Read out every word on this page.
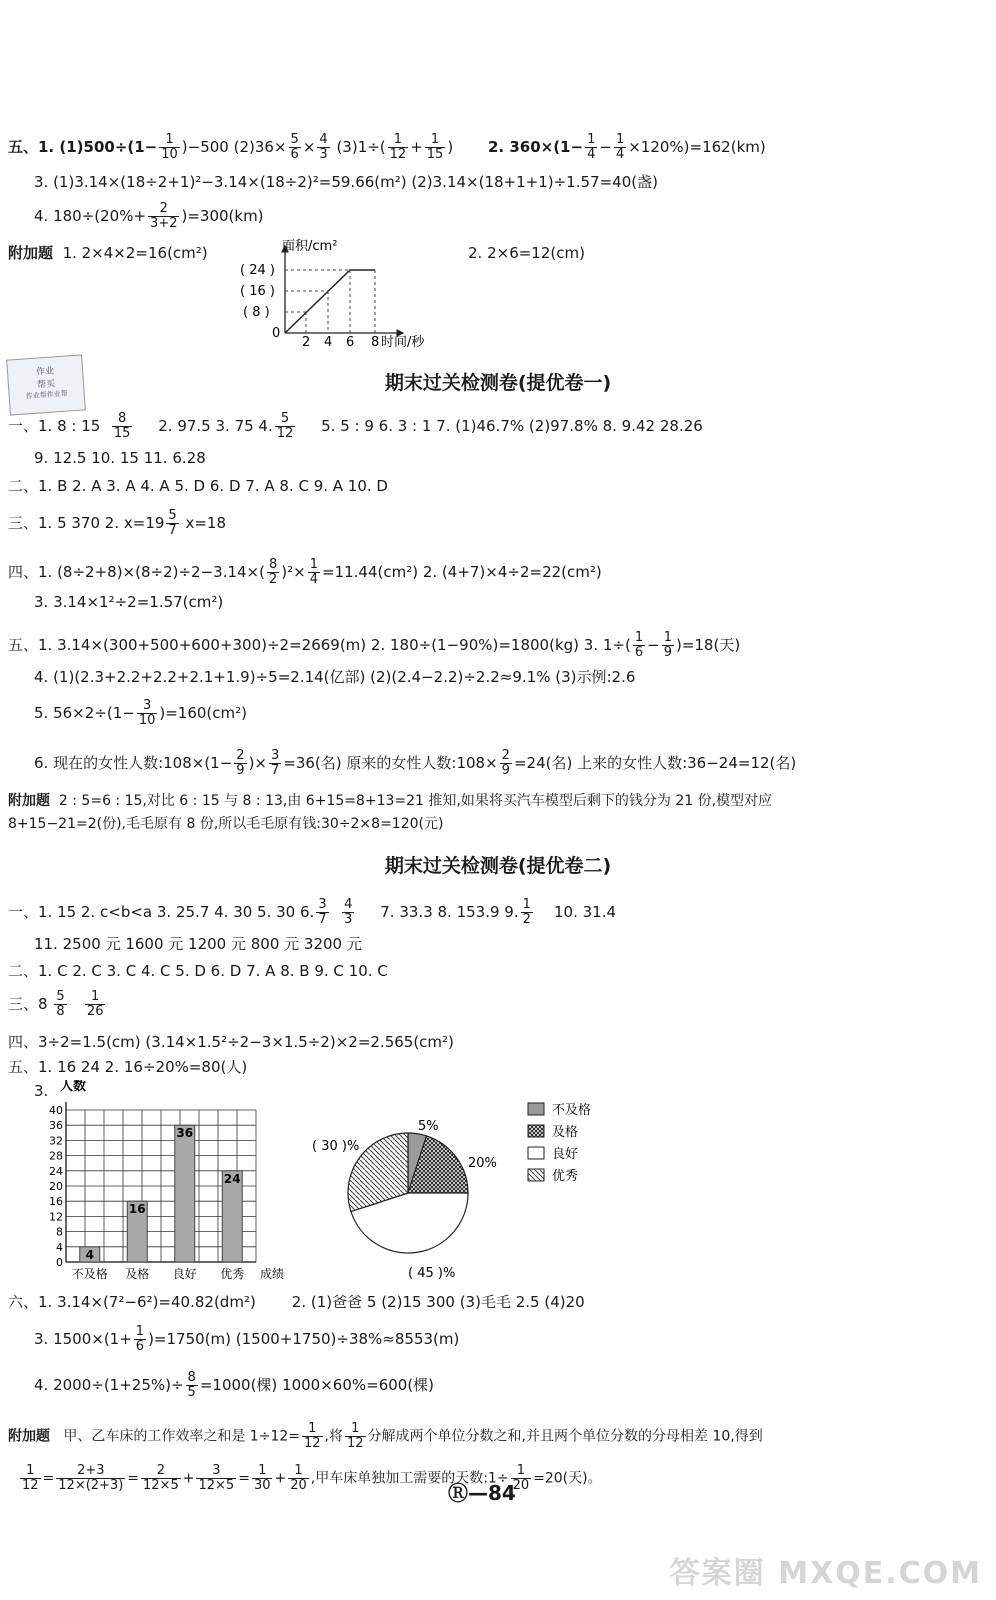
五、1. $(1)500\div(1- \frac{1}{10} )-500$ $(2)36\times \frac{5}{6} \times \frac{4}{3} (3)1\div( \frac{1}{12} + \frac{1}{15}$ ) 2. $360\times(1- \frac{1}{4} - \frac{1}{4} \times 120\%)=162(km)$
3. (1)3.14×(18÷2+1)²−3.14×(18÷2)²=59.66(m²) (2)3.14×(18+1+1)÷1.57=40(盏)
4. $180\div(20\%+ \frac{2}{3+2} )=300(km)$
附加题 1. 2×4×2=16(cm²)	2. 2×6=12(cm)
面积/cm²
( 24 )
( 16 )
( 8 )
0
2 4 6 8 时间/秒
作业
帮买
作业帮作业帮
期末过关检测卷(提优卷一)
一、1. 8 : $15 \frac{8}{15} 2$. 97.5 3. 75 4. $\frac{5}{12} 5$. 5 : 9 6. 3 : 1 7. (1)46.7% (2)97.8% 8. 9.42 28.26
9. 12.5 10. 15 11. 6.28
二、1. B 2. A 3. A 4. A 5. D 6. D 7. A 8. C 9. A 10. D
三、1. 5 370 2. $x=19 \frac{5}{7} x=18$
四、1. $(8\div 2+8)\times(8\div 2)\div 2-3.14\times( \frac{8}{2} )^2\times \frac{1}{4} =11.44(cm^2)$ 2. (4+7)×4÷2=22(cm²)
3. 3.14×1²÷2=1.57(cm²)
五、1. 3.14×(300+500+600+300)÷2=2669(m) 2. 180÷(1−90%)=1800(kg) 3. $1\div( \frac{1}{6} - \frac{1}{9} )=18$(天)
4. (1)(2.3+2.2+2.2+2.1+1.9)÷5=2.14(亿部) (2)(2.4−2.2)÷2.2≈9.1% (3)示例:2.6
5. $56\times 2\div(1- \frac{3}{10} )=160(cm^2)$
6. 现在的女性人数:108×(1− $\frac{2}{9}$ )× $\frac{3}{7} =36$(名) 原来的女性人数:108× $\frac{2}{9} =24$(名) 上来的女性人数:36−24=12(名)
附加题 2 : 5=6 : 15,对比 6 : 15 与 8 : 13,由 6+15=8+13=21 推知,如果将买汽车模型后剩下的钱分为 21 份,模型对应
8+15−21=2(份),毛毛原有 8 份,所以毛毛原有钱:30÷2×8=120(元)
期末过关检测卷(提优卷二)
一、1. 15 2. c<b<a 3. 25.7 4. 30 5. 30 6. $\frac{3}{7}$
$\frac{4}{3} 7$. 33.3 8. 153.9 9. $\frac{1}{2} 10$. 31.4
11. 2500 元 1600 元 1200 元 800 元 3200 元
二、1. C 2. C 3. C 4. C 5. D 6. D 7. A 8. B 9. C 10. C
三、$8 \frac{5}{8}$
$\frac{1}{26}$
四、3÷2=1.5(cm) (3.14×1.5²÷2−3×1.5÷2)×2=2.565(cm²)
五、1. 16 24 2. 16÷20%=80(人)
3. 人数
0
4
8
12
16
20
24
28
32
36
40
4
不及格
16
及格
36
良好
24
优秀 成绩
5%
20%
( 45 )%
( 30 )%
不及格
及格
良好
优秀
六、1. 3.14×(7²−6²)=40.82(dm²) 2. (1)爸爸 5 (2)15 300 (3)毛毛 2.5 (4)20
3. $1500\times(1+ \frac{1}{6} )=1750(m)$ (1500+1750)÷38%≈8553(m)
4. $2000\div(1+25\%)\div \frac{8}{5} =1000$(棵) 1000×60%=600(棵)
附加题 甲、乙车床的工作效率之和是 $1\div 12= \frac{1}{12}$ ,将 $\frac{1}{12}$ 分解成两个单位分数之和,并且两个单位分数的分母相差 10,得到
$\frac{1}{12} = \frac{2+3}{12\times(2+3)} = \frac{2}{12\times 5} + \frac{3}{12\times 5} = \frac{1}{30} + \frac{1}{20}$ ,甲车床单独加工需要的天数:1÷ $\frac{1}{20} =20$(天)。
Ⓡ—84
答案圈 MXQE.COM
